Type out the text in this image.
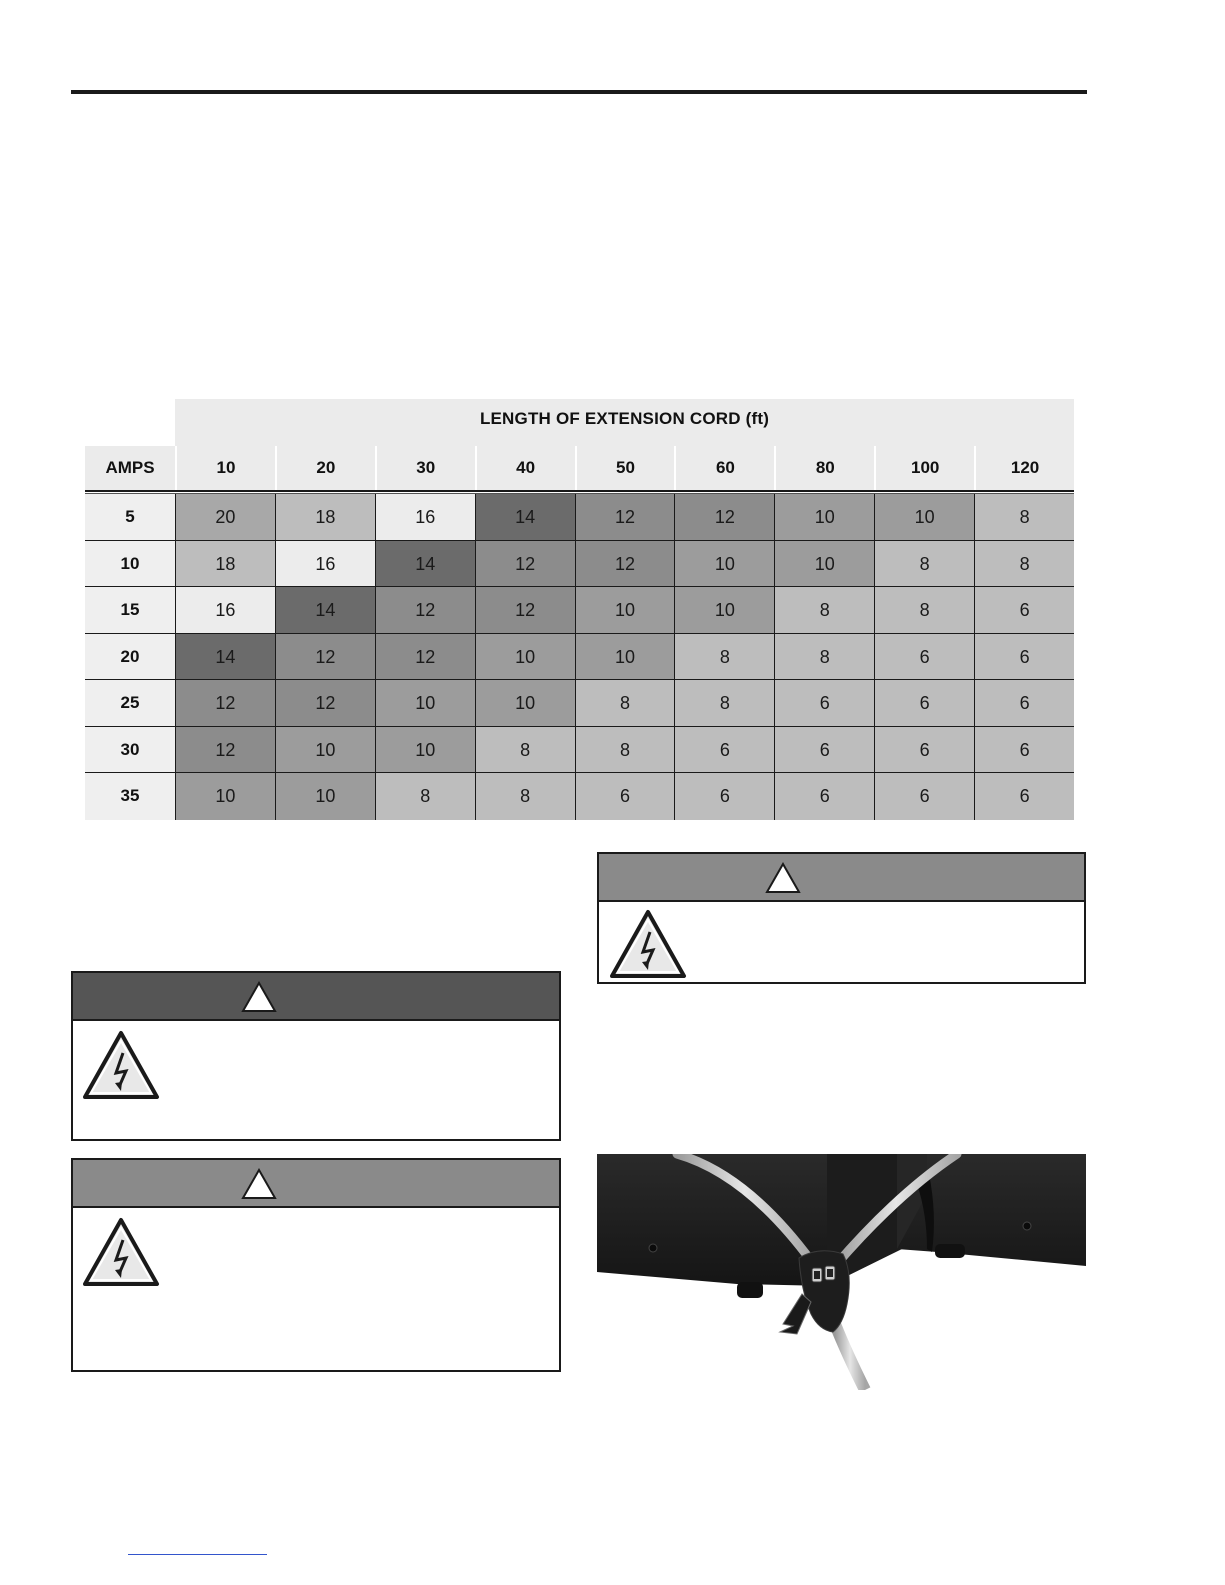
LENGTH OF EXTENSION CORD (ft)
AMPS	10	20	30	40	50	60	80	100	120
5	20	18	16	14	12	12	10	10	8
10	18	16	14	12	12	10	10	8	8
15	16	14	12	12	10	10	8	8	6
20	14	12	12	10	10	8	8	6	6
25	12	12	10	10	8	8	6	6	6
30	12	10	10	8	8	6	6	6	6
35	10	10	8	8	6	6	6	6	6
